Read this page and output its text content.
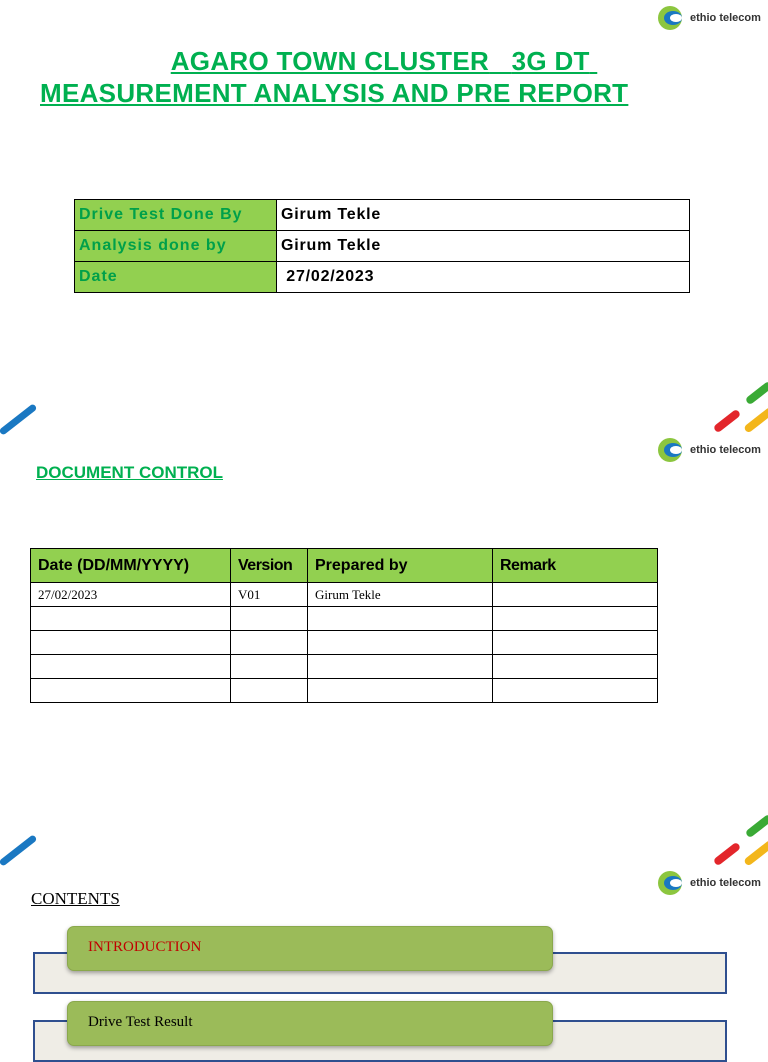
ethio telecom
AGARO TOWN CLUSTER 3G DT
MEASUREMENT ANALYSIS AND PRE REPORT
Drive Test Done By	Girum Tekle
Analysis done by	Girum Tekle
Date	27/02/2023
ethio telecom
DOCUMENT CONTROL
Date (DD/MM/YYYY)	Version	Prepared by	Remark
27/02/2023	V01	Girum Tekle	

ethio telecom
CONTENTS
INTRODUCTION
Drive Test Result
